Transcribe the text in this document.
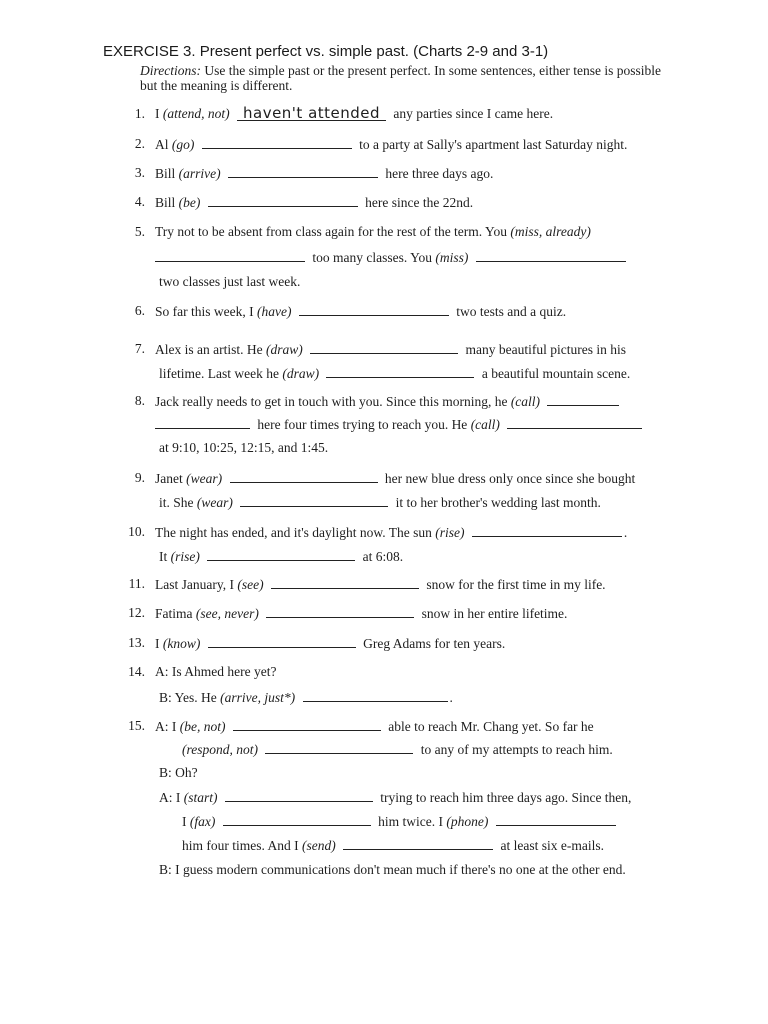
EXERCISE 3. Present perfect vs. simple past. (Charts 2-9 and 3-1)
Directions: Use the simple past or the present perfect. In some sentences, either tense is possible but the meaning is different.
1. I (attend, not) haven't attended any parties since I came here.
2. Al (go)	to a party at Sally's apartment last Saturday night.
3. Bill (arrive)	here three days ago.
4. Bill (be)	here since the 22nd.
5. Try not to be absent from class again for the rest of the term. You (miss, already)
too many classes. You (miss)
two classes just last week.
6. So far this week, I (have)	two tests and a quiz.
7. Alex is an artist. He (draw)	many beautiful pictures in his
lifetime. Last week he (draw)	a beautiful mountain scene.
8. Jack really needs to get in touch with you. Since this morning, he (call)
here four times trying to reach you. He (call)
at 9:10, 10:25, 12:15, and 1:45.
9. Janet (wear)	her new blue dress only once since she bought
it. She (wear)	it to her brother's wedding last month.
10. The night has ended, and it's daylight now. The sun (rise)	.
It (rise)	at 6:08.
11. Last January, I (see)	snow for the first time in my life.
12. Fatima (see, never)	snow in her entire lifetime.
13. I (know)	Greg Adams for ten years.
14. A: Is Ahmed here yet?
B: Yes. He (arrive, just*)	.
15. A: I (be, not)	able to reach Mr. Chang yet. So far he
(respond, not)	to any of my attempts to reach him.
B: Oh?
A: I (start)	trying to reach him three days ago. Since then,
I (fax)	him twice. I (phone)
him four times. And I (send)	at least six e-mails.
B: I guess modern communications don't mean much if there's no one at the other end.
